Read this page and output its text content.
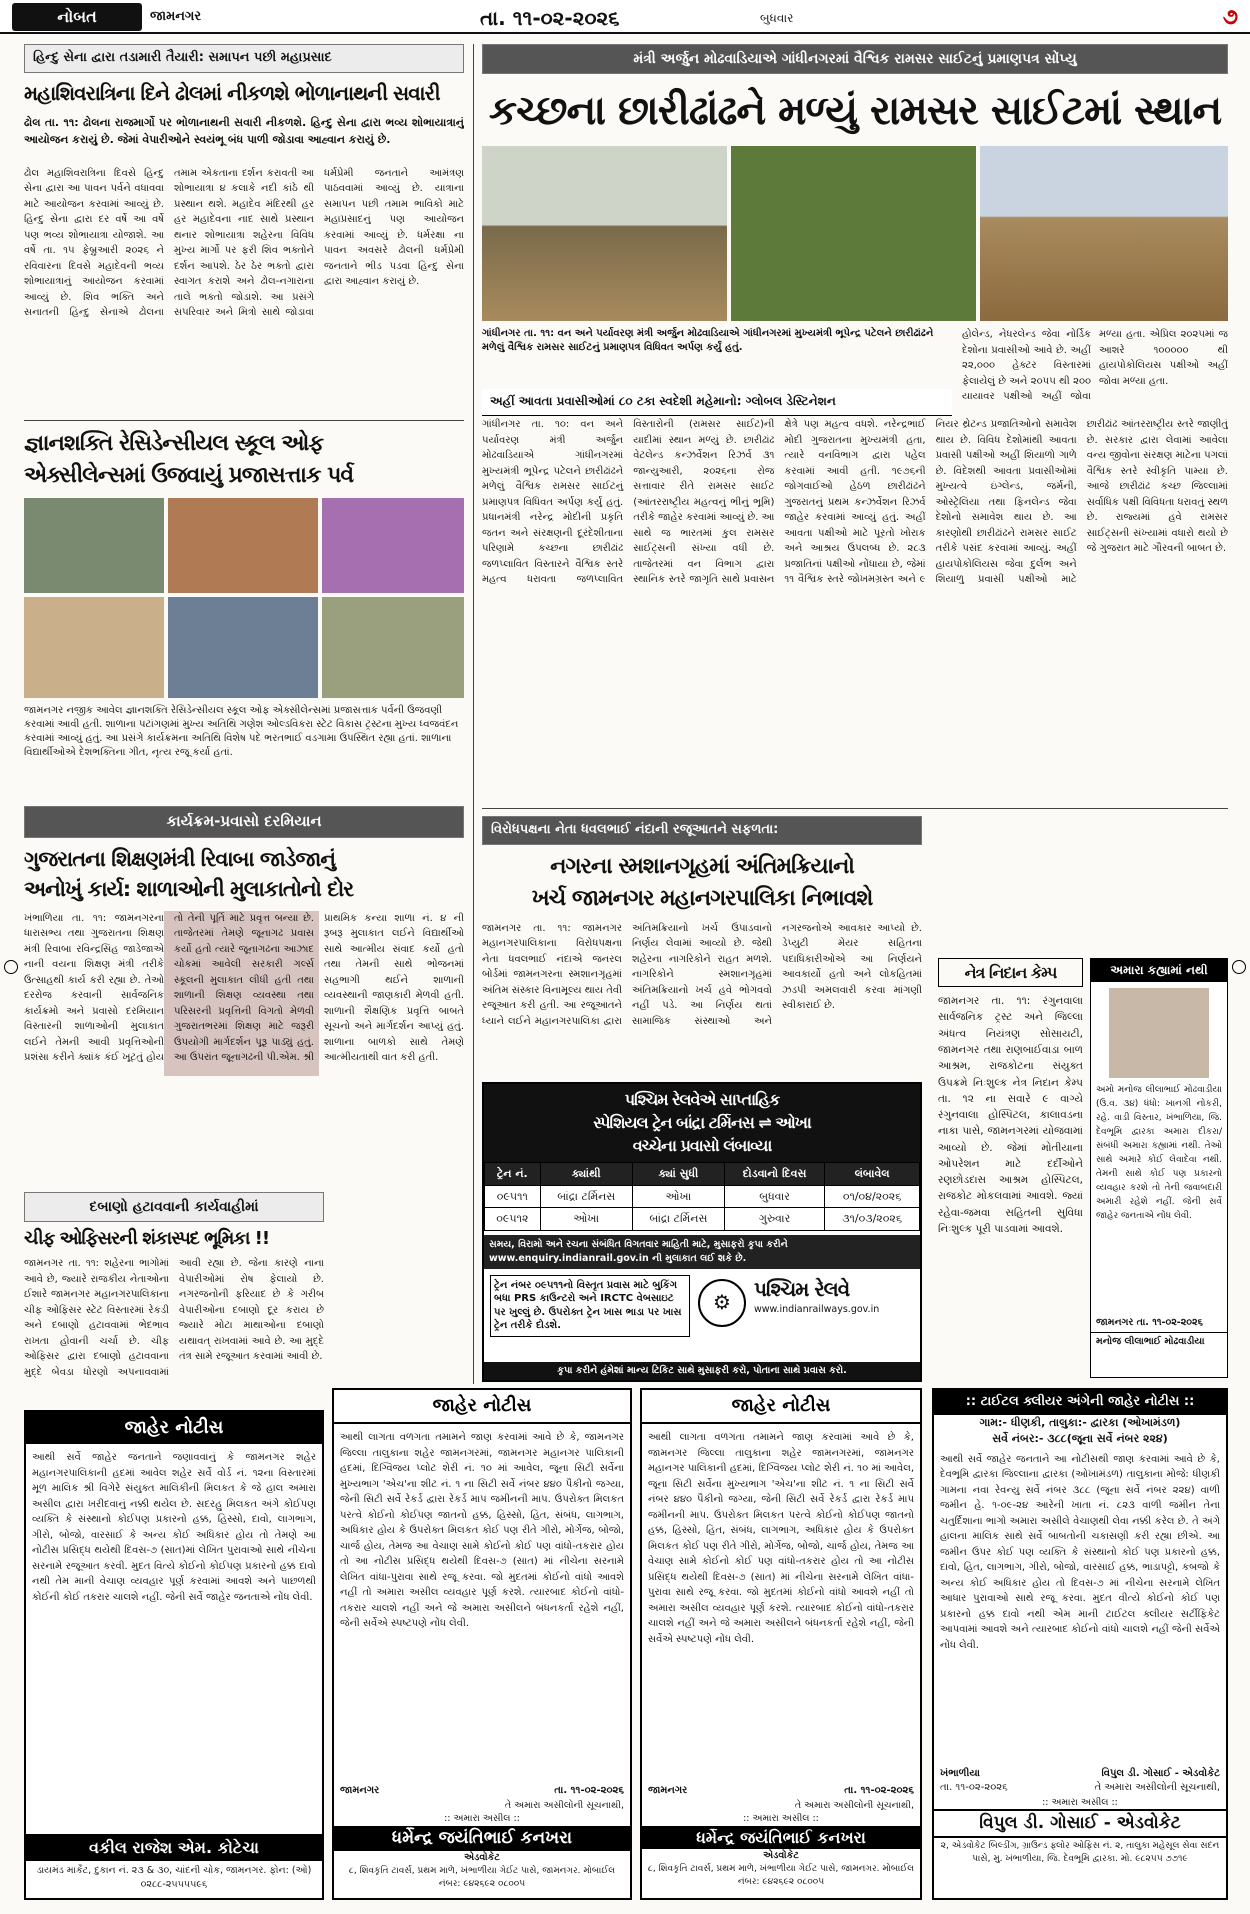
નોબત	જામનગર	તા. ૧૧-૦૨-૨૦૨૬	બુધવાર	૭
હિન્દુ સેના દ્વારા તડામારી તૈયારી: સમાપન પછી મહાપ્રસાદ
મહાશિવરાત્રિના દિને ઢોલમાં નીકળશે ભોળાનાથની સવારી
ઢોલ તા. ૧૧: ઢોલના રાજમાર્ગો પર ભોળાનાથની સવારી નીકળશે. હિન્દુ સેના દ્વારા ભવ્ય શોભાયાત્રાનું આયોજન કરાયું છે. જેમાં વેપારીઓને સ્વયંભૂ બંધ પાળી જોડાવા આહ્વાન કરાયું છે.
ઢોલ મહાશિવરાત્રિના દિવસે હિન્દુ સેના દ્વારા આ પાવન પર્વને વધાવવા માટે આયોજન કરવામાં આવ્યું છે. હિન્દુ સેના દ્વારા દર વર્ષે આ વર્ષે પણ ભવ્ય શોભાયાત્રા યોજાશે. આ વર્ષે તા. ૧૫ ફેબ્રુઆરી ૨૦૨૬ ને રવિવારના દિવસે મહાદેવની ભવ્ય શોભાયાત્રાનું આયોજન કરવામાં આવ્યું છે. શિવ ભક્તિ અને સનાતની હિન્દુ સેનાએ ઢોલના તમામ એકતાના દર્શન કરાવતી આ શોભાયાત્રા ૪ કલાકે નદી કાંઠે થી પ્રસ્થાન થશે. મહાદેવ મંદિરથી હર હર મહાદેવના નાદ સાથે પ્રસ્થાન થનાર શોભાયાત્રા શહેરના વિવિધ મુખ્ય માર્ગો પર ફરી શિવ ભક્તોને દર્શન આપશે. ઠેર ઠેર ભક્તો દ્વારા સ્વાગત કરાશે અને ઢોલ-નગારાના તાલે ભક્તો જોડાશે. આ પ્રસંગે સપરિવાર અને મિત્રો સાથે જોડાવા ધર્મપ્રેમી જનતાને આમંત્રણ પાઠવવામાં આવ્યું છે. યાત્રાના સમાપન પછી તમામ ભાવિકો માટે મહાપ્રસાદનું પણ આયોજન કરવામાં આવ્યું છે. ધર્મરક્ષા ના પાવન અવસરે ઢોલની ધર્મપ્રેમી જનતાને ભીડ પડવા હિન્દુ સેના દ્વારા આહ્વાન કરાયું છે.
જ્ઞાનશક્તિ રેસિડેન્સીયલ સ્કૂલ ઓફ
એક્સીલેન્સમાં ઉજવાયું પ્રજાસત્તાક પર્વ
જામનગર નજીક આવેલ જ્ઞાનશક્તિ રેસિડેન્સીયલ સ્કૂલ ઓફ એક્સીલેન્સમાં પ્રજાસત્તાક પર્વની ઉજવણી કરવામાં આવી હતી. શાળાના પટાંગણમાં મુખ્ય અતિથિ ગણેશ ઓલ્ડવિકરા સ્ટેટ વિકાસ ટ્રસ્ટના મુખ્ય ધ્વજવંદન કરવામાં આવ્યું હતું. આ પ્રસંગે કાર્યક્રમના અતિથિ વિશેષ પદે ભરતભાઈ વડગામા ઉપસ્થિત રહ્યા હતાં. શાળાના વિદ્યાર્થીઓએ દેશભક્તિના ગીત, નૃત્ય રજૂ કર્યા હતાં.
કાર્યક્રમ-પ્રવાસો દરમિયાન
ગુજરાતના શિક્ષણમંત્રી રિવાબા જાડેજાનું
અનોખું કાર્ય: શાળાઓની મુલાકાતોનો દોર
ખંભાળિયા તા. ૧૧: જામનગરના ધારાસભ્ય તથા ગુજરાતના શિક્ષણ મંત્રી રિવાબા રવિન્દ્રસિંહ જાડેજાએ નાની વયના શિક્ષણ મંત્રી તરીકે ઉત્સાહથી કાર્ય કરી રહ્યા છે. તેઓ દરરોજ કરવાની સાર્વજનિક કાર્યક્રમો અને પ્રવાસો દરમિયાન વિસ્તારની શાળાઓની મુલાકાત લઈને તેમની આવી પ્રવૃત્તિઓની પ્રશંસા કરીને ક્યાંક કંઈ ખૂટતું હોય તો તેની પૂર્તિ માટે પ્રવૃત્ત બન્યા છે. તાજેતરમાં તેમણે જૂનાગઢ પ્રવાસ કર્યો હતો ત્યારે જૂનાગઢના આઝાદ ચોકમાં આવેલી સરકારી ગર્લ્સ સ્કૂલની મુલાકાત લીધી હતી તથા શાળાની શિક્ષણ વ્યવસ્થા તથા પરિસરની પ્રવૃત્તિની વિગતો મેળવી ગુજરાતભરમાં શિક્ષણ માટે જરૂરી ઉપયોગી માર્ગદર્શન પૂરૂ પાડ્યું હતું. આ ઉપરાંત જૂનાગઢની પી.એમ. શ્રી પ્રાથમિક કન્યા શાળા નં. ૪ ની રૂબરૂ મુલાકાત લઈને વિદ્યાર્થીઓ સાથે આત્મીય સંવાદ કર્યો હતો તથા તેમની સાથે ભોજનમાં સહભાગી થઈને શાળાની વ્યવસ્થાની જાણકારી મેળવી હતી. શાળાની શૈક્ષણિક પ્રવૃત્તિ બાબતે સૂચનો અને માર્ગદર્શન આપ્યું હતું. શાળાના બાળકો સાથે તેમણે આત્મીયતાથી વાત કરી હતી.
દબાણો હટાવવાની કાર્યવાહીમાં
ચીફ ઓફિસરની શંકાસ્પદ ભૂમિકા !!
જામનગર તા. ૧૧: શહેરના ભાગોમાં આવે છે, જ્યારે રાજકીય નેતાઓના ઈશારે જામનગર મહાનગરપાલિકાના ચીફ ઓફિસર સ્ટેટ વિસ્તારમાં રેકડી અને દબાણો હટાવવામાં ભેદભાવ રાખતા હોવાની ચર્ચા છે. ચીફ ઓફિસર દ્વારા દબાણો હટાવવાના મુદ્દે બેવડા ધોરણો અપનાવવામાં આવી રહ્યા છે. જેના કારણે નાના વેપારીઓમાં રોષ ફેલાયો છે. નગરજનોની ફરિયાદ છે કે ગરીબ વેપારીઓના દબાણો દૂર કરાય છે જ્યારે મોટા માથાઓના દબાણો યથાવત્ રાખવામાં આવે છે. આ મુદ્દે તંત્ર સામે રજૂઆત કરવામાં આવી છે.
જાહેર નોટીસ
આથી સર્વે જાહેર જનતાને જણાવવાનું કે જામનગર શહેર મહાનગરપાલિકાની હદમાં આવેલ શહેર સર્વે વોર્ડ નં. ૧૨ના વિસ્તારમાં મૂળ માલિક શ્રી વિગેરે સંયુક્ત માલિકીની મિલકત કે જે હાલ અમારા અસીલ દ્વારા ખરીદવાનું નક્કી થયેલ છે. સદરહુ મિલકત અંગે કોઈપણ વ્યક્તિ કે સંસ્થાનો કોઈપણ પ્રકારનો હક્ક, હિસ્સો, દાવો, લાગભાગ, ગીરો, બોજો, વારસાઈ કે અન્ય કોઈ અધિકાર હોય તો તેમણે આ નોટીસ પ્રસિદ્ધ થયેથી દિવસ-૭ (સાત)માં લેખિત પુરાવાઓ સાથે નીચેના સરનામે રજૂઆત કરવી. મુદત વિત્યે કોઈનો કોઈપણ પ્રકારનો હક્ક દાવો નથી તેમ માની વેચાણ વ્યવહાર પૂર્ણ કરવામાં આવશે અને પાછળથી કોઈની કોઈ તકરાર ચાલશે નહીં. જેની સર્વે જાહેર જનતાએ નોંધ લેવી.
વકીલ રાજેશ એમ. કોટેચા
ડાયમંડ માર્કેટ, દુકાન નં. ૨૩ & ૩૦, ચાંદની ચોક, જામનગર. ફોન: (ઓ) ૦૨૮૮-૨૫૫૫૫૯૬
મંત્રી અર્જુન મોઢવાડિયાએ ગાંધીનગરમાં વૈશ્વિક રામસર સાઈટનું પ્રમાણપત્ર સોંપ્યુ
કચ્છના છારીઢાંઢને મળ્યું રામસર સાઈટમાં સ્થાન
ગાંધીનગર તા. ૧૧: વન અને પર્યાવરણ મંત્રી અર્જુન મોઢવાડિયાએ ગાંધીનગરમાં મુખ્યમંત્રી ભૂપેન્દ્ર પટેલને છારીઢાંઢને મળેલું વૈશ્વિક રામસર સાઈટનું પ્રમાણપત્ર વિધિવત અર્પણ કર્યું હતું.
હોલેન્ડ, નેધરલેન્ડ જેવા નોર્ડિક દેશોના પ્રવાસીઓ આવે છે. અહીં ૨૨,૦૦૦ હેક્ટર વિસ્તારમાં ફેલાયેલું છે અને ૨૦૫૫ થી ૨૦૦ યાયાવર પક્ષીઓ અહીં જોવા મળ્યા હતા. એપ્રિલ ૨૦૨૫માં જ આશરે ૧૦૦૦૦૦ થી હાયપોકોલિયસ પક્ષીઓ અહીં જોવા મળ્યા હતા.
અહીં આવતા પ્રવાસીઓમાં ૮૦ ટકા સ્વદેશી મહેમાનો: ગ્લોબલ ડેસ્ટિનેશન
ગાંધીનગર તા. ૧૦: વન અને પર્યાવરણ મંત્રી અર્જુન મોઢવાડિયાએ ગાંધીનગરમાં મુખ્યમંત્રી ભૂપેન્દ્ર પટેલને છારીઢાંઢને મળેલું વૈશ્વિક રામસર સાઈટનું પ્રમાણપત્ર વિધિવત અર્પણ કર્યું હતું. પ્રધાનમંત્રી નરેન્દ્ર મોદીની પ્રકૃતિ જતન અને સંરક્ષણની દૂરંદેશીતાના પરિણામે કચ્છના છારીઢાંઢ જળપ્લાવિત વિસ્તારને વૈશ્વિક સ્તરે મહત્વ ધરાવતા જળપ્લાવિત વિસ્તારોની (રામસર સાઈટ)ની યાદીમાં સ્થાન મળ્યું છે. છારીઢાંઢ વેટલેન્ડ કન્ઝર્વેશન રિઝર્વ ૩૧ જાન્યુઆરી, ૨૦૨૬ના રોજ સત્તાવાર રીતે રામસર સાઈટ (આંતરરાષ્ટ્રીય મહત્વનું ભીનું ભૂમિ) તરીકે જાહેર કરવામાં આવ્યું છે. આ સાથે જ ભારતમાં કુલ રામસર સાઈટ્સની સંખ્યા વધી છે. તાજેતરમાં વન વિભાગ દ્વારા સ્થાનિક સ્તરે જાગૃતિ સાથે પ્રવાસન ક્ષેત્રે પણ મહત્વ વધશે. નરેન્દ્રભાઈ મોદી ગુજરાતના મુખ્યમંત્રી હતા, ત્યારે વનવિભાગ દ્વારા પહેલ કરવામાં આવી હતી. ૧૯૭૬ની જોગવાઈઓ હેઠળ છારીઢાંઢને ગુજરાતનું પ્રથમ કન્ઝર્વેશન રિઝર્વ જાહેર કરવામાં આવ્યું હતું. અહીં આવતા પક્ષીઓ માટે પૂરતો ખોરાક અને આશ્રય ઉપલબ્ધ છે. ૨૮૩ પ્રજાતિનાં પક્ષીઓ નોંધાયા છે, જેમાં ૧૧ વૈશ્વિક સ્તરે જોખમગ્રસ્ત અને ૯ નિયર થ્રેટન્ડ પ્રજાતિઓનો સમાવેશ થાય છે. વિવિધ દેશોમાંથી આવતા પ્રવાસી પક્ષીઓ અહીં શિયાળો ગાળે છે. વિદેશથી આવતા પ્રવાસીઓમાં મુખ્યત્વે ઇંગ્લેન્ડ, જર્મની, ઓસ્ટ્રેલિયા તથા ફિનલેન્ડ જેવા દેશોનો સમાવેશ થાય છે. આ કારણોથી છારીઢાંઢને રામસર સાઈટ તરીકે પસંદ કરવામાં આવ્યું. અહીં હાયપોકોલિયસ જેવા દુર્લભ અને શિયાળુ પ્રવાસી પક્ષીઓ માટે છારીઢાંઢ આંતરરાષ્ટ્રીય સ્તરે જાણીતું છે. સરકાર દ્વારા લેવામાં આવેલા વન્ય જીવોના સંરક્ષણ માટેના પગલાં વૈશ્વિક સ્તરે સ્વીકૃતિ પામ્યા છે. આજે છારીઢાંઢ કચ્છ જિલ્લામાં સર્વાધિક પક્ષી વિવિધતા ધરાવતું સ્થળ છે. રાજ્યમાં હવે રામસર સાઈટ્સની સંખ્યામાં વધારો થયો છે જે ગુજરાત માટે ગૌરવની બાબત છે.
વિરોધપક્ષના નેતા ધવલભાઈ નંદાની રજૂઆતને સફળતા:
નગરના સ્મશાનગૃહમાં અંતિમક્રિયાનો
ખર્ચ જામનગર મહાનગરપાલિકા નિભાવશે
જામનગર તા. ૧૧: જામનગર મહાનગરપાલિકાના વિરોધપક્ષના નેતા ધવલભાઈ નંદાએ જનરલ બોર્ડમાં જામનગરના સ્મશાનગૃહમાં અંતિમ સંસ્કાર વિનામૂલ્ય થાય તેવી રજૂઆત કરી હતી. આ રજૂઆતને ધ્યાને લઈને મહાનગરપાલિકા દ્વારા અંતિમક્રિયાનો ખર્ચ ઉપાડવાનો નિર્ણય લેવામાં આવ્યો છે. જેથી શહેરના નાગરિકોને રાહત મળશે. નાગરિકોને સ્મશાનગૃહમાં અંતિમક્રિયાનો ખર્ચ હવે ભોગવવો નહીં પડે. આ નિર્ણય થતાં સામાજિક સંસ્થાઓ અને નગરજનોએ આવકાર આપ્યો છે. ડેપ્યુટી મેયર સહિતના પદાધિકારીઓએ આ નિર્ણયને આવકાર્યો હતો અને લોકહિતમાં ઝડપી અમલવારી કરવા માંગણી સ્વીકારાઈ છે.
પશ્ચિમ રેલવેએ સાપ્તાહિક
સ્પેશિયલ ટ્રેન બાંદ્રા ટર્મિનસ ⇌ ઓખા
વચ્ચેના પ્રવાસો લંબાવ્યા
ટ્રેન નં.	ક્યાંથી	ક્યાં સુધી	દોડવાનો દિવસ	લંબાવેલ
૦૯૫૧૧	બાંદ્રા ટર્મિનસ	ઓખા	બુધવાર	૦૧/૦૪/૨૦૨૬
૦૯૫૧૨	ઓખા	બાંદ્રા ટર્મિનસ	ગુરુવાર	૩૧/૦૩/૨૦૨૬
સમય, વિરામો અને રચના સંબંધિત વિગતવાર માહિતી માટે, મુસાફરો કૃપા કરીને www.enquiry.indianrail.gov.in ની મુલાકાત લઈ શકે છે.
ટ્રેન નંબર ૦૯૫૧૧નો વિસ્તૃત પ્રવાસ માટે બુકિંગ બધા PRS કાઉન્ટરો અને IRCTC વેબસાઇટ પર ખુલ્લું છે. ઉપરોક્ત ટ્રેન ખાસ ભાડા પર ખાસ ટ્રેન તરીકે દોડશે.
⚙
પશ્ચિમ રેલવે
www.indianrailways.gov.in
કૃપા કરીને હંમેશાં માન્ય ટિકિટ સાથે મુસાફરી કરો, પોતાના સાથે પ્રવાસ કરો.
નેત્ર નિદાન કેમ્પ
જામનગર તા. ૧૧: રંગુનવાલા સાર્વજનિક ટ્રસ્ટ અને જિલ્લા અંધત્વ નિયંત્રણ સોસાયટી, જામનગર તથા રાણબાઈવાડા બાળ આશ્રમ, રાજકોટના સંયુક્ત ઉપક્રમે નિઃશુલ્ક નેત્ર નિદાન કેમ્પ તા. ૧૨ ના સવારે ૯ વાગ્યે રંગુનવાલા હોસ્પિટલ, કાલાવડના નાકા પાસે, જામનગરમાં યોજવામાં આવ્યો છે. જેમાં મોતીયાના ઓપરેશન માટે દર્દીઓને રણછોડદાસ આશ્રમ હોસ્પિટલ, રાજકોટ મોકલવામાં આવશે. જ્યાં રહેવા-જમવા સહિતની સુવિધા નિઃશુલ્ક પૂરી પાડવામાં આવશે.
અમારા કહ્યામાં નથી
અમો મનોજ લીલાભાઈ મોઢવાડીયા (ઉ.વ. ૩૪) ધંધો: ખાનગી નોકરી, રહે. વાડી વિસ્તાર, ખંભાળિયા, જિ. દેવભૂમિ દ્વારકા અમારા દીકરા/સંબંધી અમારા કહ્યામાં નથી. તેઓ સાથે અમારે કોઈ લેવાદેવા નથી. તેમની સાથે કોઈ પણ પ્રકારનો વ્યવહાર કરશે તો તેની જવાબદારી અમારી રહેશે નહીં. જેની સર્વે જાહેર જનતાએ નોંધ લેવી.
જામનગર તા. ૧૧-૦૨-૨૦૨૬
મનોજ લીલાભાઈ મોઢવાડીયા
જાહેર નોટીસ
આથી લાગતા વળગતા તમામને જાણ કરવામાં આવે છે કે, જામનગર જિલ્લા તાલુકાના શહેર જામનગરમાં, જામનગર મહાનગર પાલિકાની હદમાં, દિગ્વિજય પ્લોટ શેરી નં. ૧૦ માં આવેલ, જૂના સિટી સર્વેના મુખ્યભાગ 'એચ'ના શીટ નં. ૧ ના સિટી સર્વે નંબર ૪૪૦ પૈકીનો જગ્યા, જેની સિટી સર્વે રેકર્ડ દ્વારા રેકર્ડ માપ જમીનની માપ. ઉપરોક્ત મિલકત પરત્વે કોઈનો કોઈપણ જાતનો હક્ક, હિસ્સો, હિત, સંબંધ, લાગભાગ, અધિકાર હોય કે ઉપરોક્ત મિલકત કોઈ પણ રીતે ગીરો, મોર્ગેજ, બોજો, ચાર્જ હોય, તેમજ આ વેચાણ સામે કોઈનો કોઈ પણ વાંધો-તકરાર હોય તો આ નોટીસ પ્રસિદ્ધ થયેથી દિવસ-૭ (સાત) માં નીચેના સરનામે લેખિત વાંધા-પુરાવા સાથે રજૂ કરવા. જો મુદતમાં કોઈનો વાંધો આવશે નહીં તો અમારા અસીલ વ્યવહાર પૂર્ણ કરશે. ત્યારબાદ કોઈનો વાંધો-તકરાર ચાલશે નહીં અને જે અમારા અસીલને બંધનકર્તા રહેશે નહીં, જેની સર્વેએ સ્પષ્ટપણે નોંધ લેવી.
જામનગર	તા. ૧૧-૦૨-૨૦૨૬
તે અમારા અસીલોની સૂચનાથી,
:: અમારા અસીલ ::
ધર્મેન્દ્ર જયંતિભાઈ કનખરા
એડવોકેટ
૮, શિવકૃતિ ટાવર્સ, પ્રથમ માળે, ખંભાળીયા ગેઈટ પાસે, જામનગર. મોબાઈલ નંબર: ૯૪૨૬૯૨ ૦૮૦૦૫
જાહેર નોટીસ
આથી લાગતા વળગતા તમામને જાણ કરવામાં આવે છે કે, જામનગર જિલ્લા તાલુકાના શહેર જામનગરમાં, જામનગર મહાનગર પાલિકાની હદમાં, દિગ્વિજય પ્લોટ શેરી નં. ૧૦ માં આવેલ, જૂના સિટી સર્વેના મુખ્યભાગ 'એચ'ના શીટ નં. ૧ ના સિટી સર્વે નંબર ૪૪૦ પૈકીનો જગ્યા, જેની સિટી સર્વે રેકર્ડ દ્વારા રેકર્ડ માપ જમીનની માપ. ઉપરોક્ત મિલકત પરત્વે કોઈનો કોઈપણ જાતનો હક્ક, હિસ્સો, હિત, સંબંધ, લાગભાગ, અધિકાર હોય કે ઉપરોક્ત મિલકત કોઈ પણ રીતે ગીરો, મોર્ગેજ, બોજો, ચાર્જ હોય, તેમજ આ વેચાણ સામે કોઈનો કોઈ પણ વાંધો-તકરાર હોય તો આ નોટીસ પ્રસિદ્ધ થયેથી દિવસ-૭ (સાત) માં નીચેના સરનામે લેખિત વાંધા-પુરાવા સાથે રજૂ કરવા. જો મુદતમાં કોઈનો વાંધો આવશે નહીં તો અમારા અસીલ વ્યવહાર પૂર્ણ કરશે. ત્યારબાદ કોઈનો વાંધો-તકરાર ચાલશે નહીં અને જે અમારા અસીલને બંધનકર્તા રહેશે નહીં, જેની સર્વેએ સ્પષ્ટપણે નોંધ લેવી.
જામનગર	તા. ૧૧-૦૨-૨૦૨૬
તે અમારા અસીલોની સૂચનાથી,
:: અમારા અસીલ ::
ધર્મેન્દ્ર જયંતિભાઈ કનખરા
એડવોકેટ
૮, શિવકૃતિ ટાવર્સ, પ્રથમ માળે, ખંભાળીયા ગેઈટ પાસે, જામનગર. મોબાઈલ નંબર: ૯૪૨૬૯૨ ૦૮૦૦૫
:: ટાઈટલ ક્લીયર અંગેની જાહેર નોટીસ ::
ગામ:- ધીણકી, તાલુકા:- દ્વારકા (ઓખામંડળ)
સર્વે નંબર:- ૩૮૮(જૂના સર્વે નંબર ૨૨૪)
આથી સર્વે જાહેર જનતાને આ નોટીસથી જાણ કરવામાં આવે છે કે, દેવભૂમિ દ્વારકા જિલ્લાના દ્વારકા (ઓખામંડળ) તાલુકાના મોજે: ધીણકી ગામના નવા રેવન્યુ સર્વે નંબર ૩૮૮ (જૂના સર્વે નંબર ૨૨૪) વાળી જમીન હે. ૧-૦૯-૨૪ આરેની ખાતા નં. ૮૨૩ વાળી જમીન તેના ચતુર્દિશાના ભાગો અમારા અસીલે વેચાણથી લેવા નક્કી કરેલ છે. તે અંગે હાલના માલિક સાથે સર્વે બાબતોની ચકાસણી કરી રહ્યા છીએ. આ જમીન ઉપર કોઈ પણ વ્યક્તિ કે સંસ્થાનો કોઈ પણ પ્રકારનો હક્ક, દાવો, હિત, લાગભાગ, ગીરો, બોજો, વારસાઈ હક્ક, ભાડાપટ્ટો, કબજો કે અન્ય કોઈ અધિકાર હોય તો દિવસ-૭ માં નીચેના સરનામે લેખિત આધાર પુરાવાઓ સાથે રજૂ કરવા. મુદત વીત્યે કોઈનો કોઈ પણ પ્રકારનો હક્ક દાવો નથી એમ માની ટાઈટલ ક્લીયર સર્ટીફિકેટ આપવામાં આવશે અને ત્યારબાદ કોઈનો વાંધો ચાલશે નહીં જેની સર્વેએ નોંધ લેવી.
ખંભાળીયા	વિપુલ ડી. ગોસાઈ - એડવોકેટ
તા. ૧૧-૦૨-૨૦૨૬	તે અમારા અસીલોની સૂચનાથી,
:: અમારા અસીલ ::
વિપુલ ડી. ગોસાઈ - એડવોકેટ
૨, એડવોકેટ બિલ્ડીંગ, ગ્રાઉન્ડ ફ્લોર ઓફિસ નં. ૨, તાલુકા મહેસૂલ સેવા સદન પાસે, મુ. ખંભાળીયા, જિ. દેવભૂમિ દ્વારકા. મો. ૯૮૨૫૫ ૭૭૧૯
